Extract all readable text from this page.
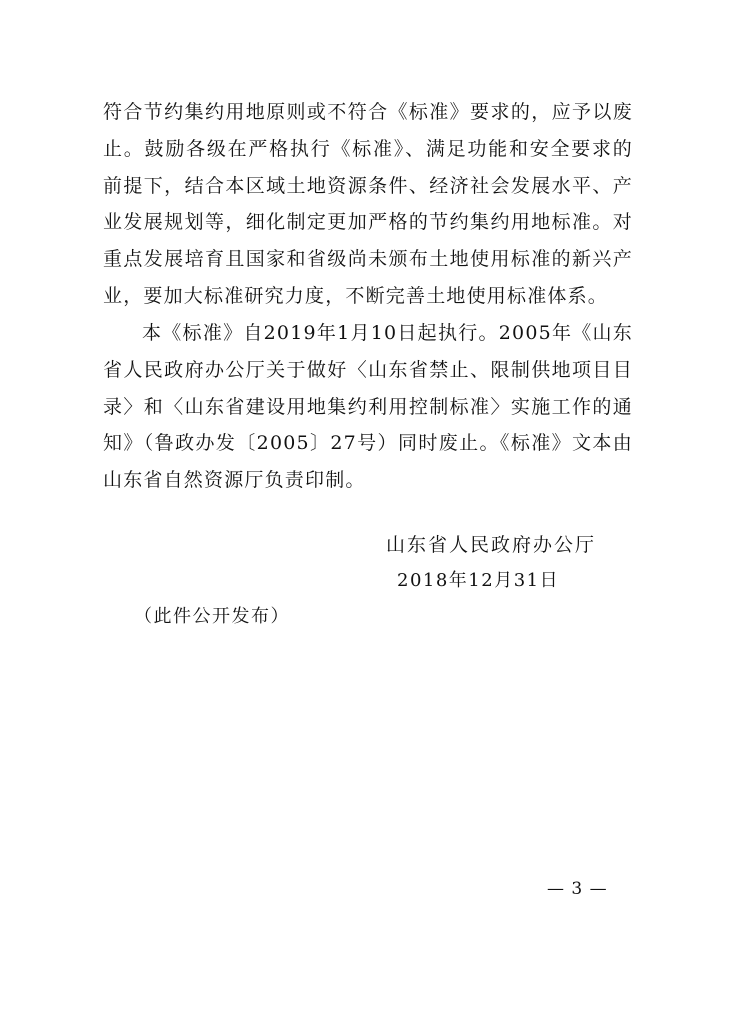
符合节约集约用地原则或不符合《标准》要求的，应予以废止。鼓励各级在严格执行《标准》、满足功能和安全要求的前提下，结合本区域土地资源条件、经济社会发展水平、产业发展规划等，细化制定更加严格的节约集约用地标准。对重点发展培育且国家和省级尚未颁布土地使用标准的新兴产业，要加大标准研究力度，不断完善土地使用标准体系。

本《标准》自2019年1月10日起执行。2005年《山东省人民政府办公厅关于做好〈山东省禁止、限制供地项目目录〉和〈山东省建设用地集约利用控制标准〉实施工作的通知》（鲁政办发〔2005〕27号）同时废止。《标准》文本由山东省自然资源厅负责印制。

山东省人民政府办公厅
2018年12月31日
（此件公开发布）
— 3 —
